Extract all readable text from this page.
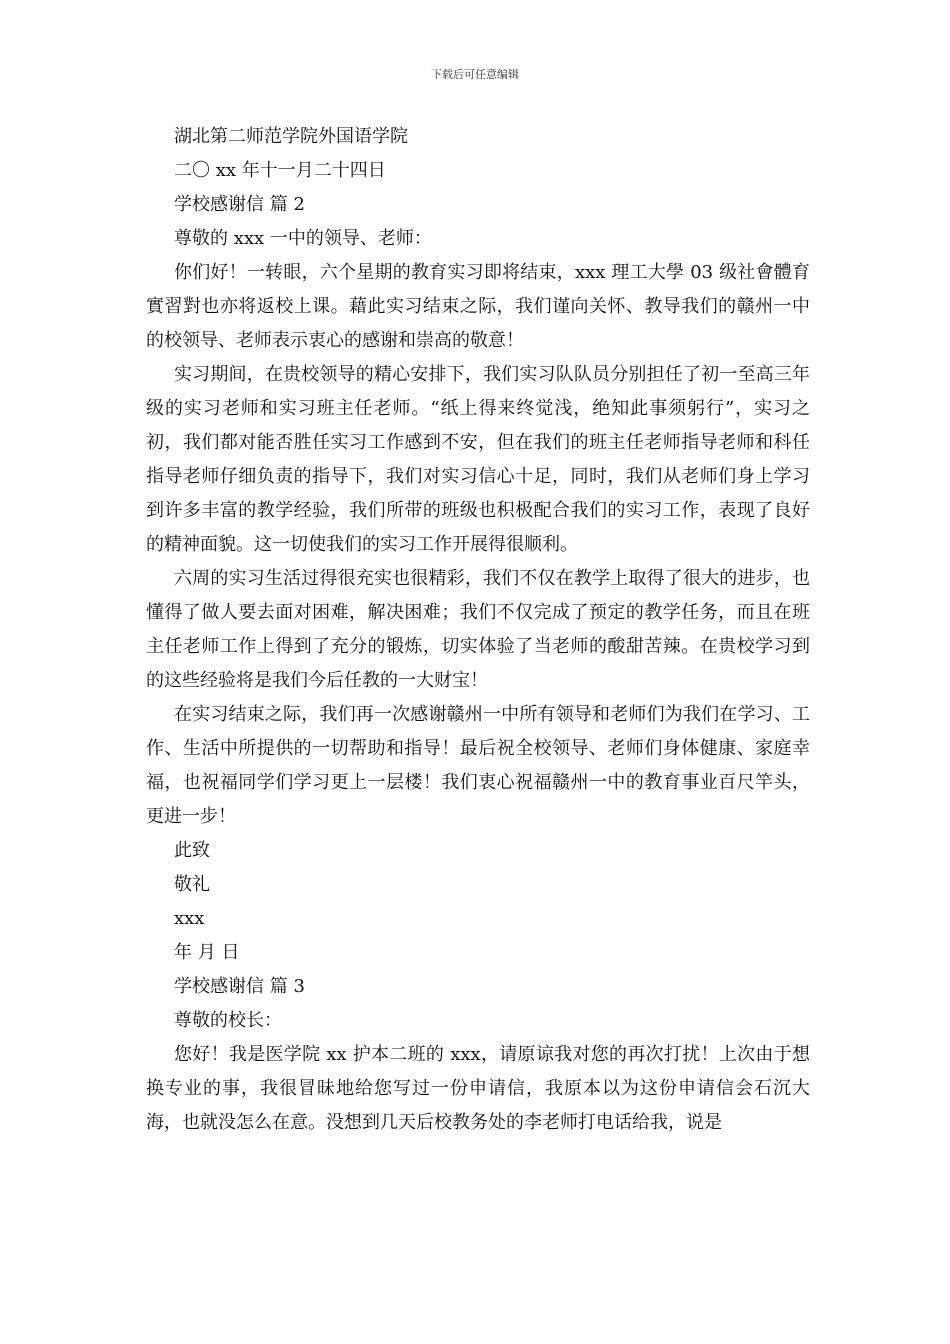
下载后可任意编辑
湖北第二师范学院外国语学院
二〇 xx 年十一月二十四日
学校感谢信 篇 2
尊敬的 xxx 一中的领导、老师：
你们好！一转眼，六个星期的教育实习即将结束，xxx 理工大學 03 级社會體育實習對也亦将返校上课。藉此实习结束之际，我们谨向关怀、教导我们的赣州一中的校领导、老师表示衷心的感谢和崇高的敬意！
实习期间，在贵校领导的精心安排下，我们实习队队员分别担任了初一至高三年级的实习老师和实习班主任老师。“纸上得来终觉浅，绝知此事须躬行”，实习之初，我们都对能否胜任实习工作感到不安，但在我们的班主任老师指导老师和科任指导老师仔细负责的指导下，我们对实习信心十足，同时，我们从老师们身上学习到许多丰富的教学经验，我们所带的班级也积极配合我们的实习工作，表现了良好的精神面貌。这一切使我们的实习工作开展得很顺利。
六周的实习生活过得很充实也很精彩，我们不仅在教学上取得了很大的进步，也懂得了做人要去面对困难，解决困难；我们不仅完成了预定的教学任务，而且在班主任老师工作上得到了充分的锻炼，切实体验了当老师的酸甜苦辣。在贵校学习到的这些经验将是我们今后任教的一大财宝！
在实习结束之际，我们再一次感谢赣州一中所有领导和老师们为我们在学习、工作、生活中所提供的一切帮助和指导！最后祝全校领导、老师们身体健康、家庭幸福，也祝福同学们学习更上一层楼！我们衷心祝福赣州一中的教育事业百尺竿头，更进一步！
此致
敬礼
xxx
年 月 日
学校感谢信 篇 3
尊敬的校长：
您好！我是医学院 xx 护本二班的 xxx，请原谅我对您的再次打扰！上次由于想换专业的事，我很冒昧地给您写过一份申请信，我原本以为这份申请信会石沉大海，也就没怎么在意。没想到几天后校教务处的李老师打电话给我，说是
